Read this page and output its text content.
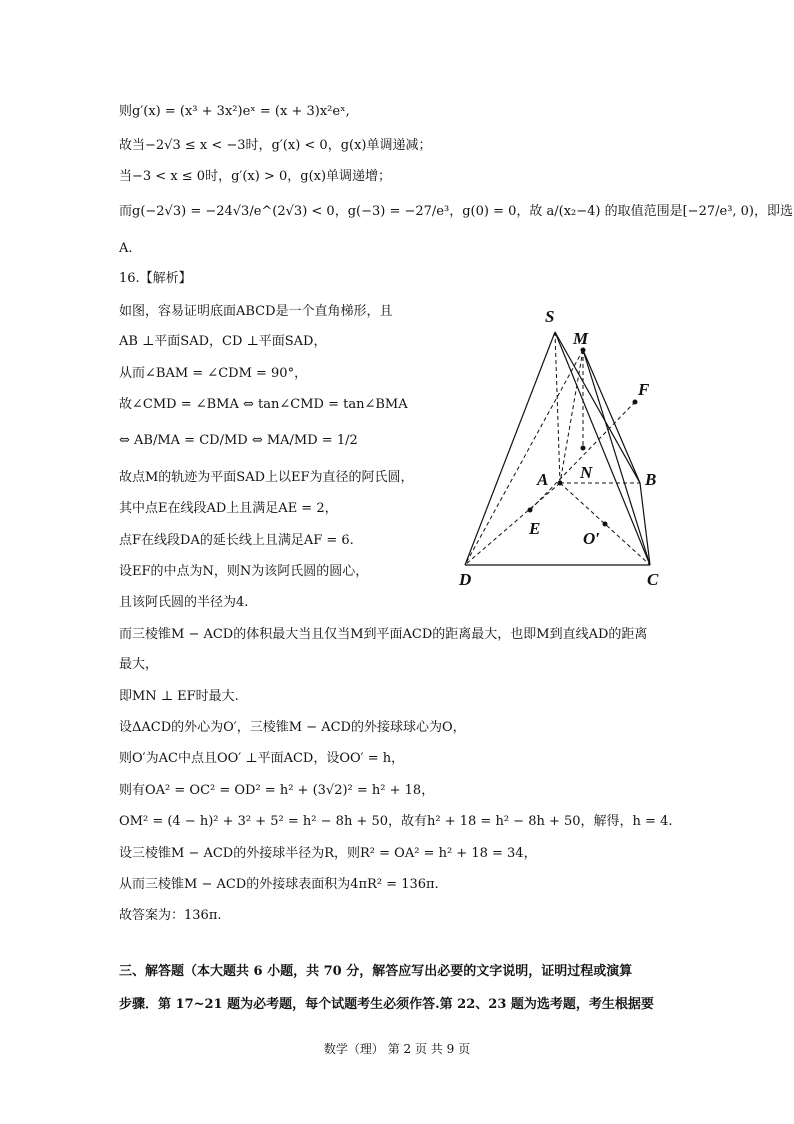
则g′(x) = (x³ + 3x²)eˣ = (x + 3)x²eˣ,
故当−2√3 ≤ x < −3时，g′(x) < 0，g(x)单调递减；
当−3 < x ≤ 0时，g′(x) > 0，g(x)单调递增；
而g(−2√3) = −24√3/e^(2√3) < 0，g(−3) = −27/e³，g(0) = 0，故 a/(x₂−4) 的取值范围是[−27/e³, 0)，即选
A.
16.【解析】
如图，容易证明底面ABCD是一个直角梯形，且
AB ⊥平面SAD，CD ⊥平面SAD，
从而∠BAM = ∠CDM = 90°，
故∠CMD = ∠BMA ⇔ tan∠CMD = tan∠BMA
⇔ AB/MA = CD/MD ⇔ MA/MD = 1/2
故点M的轨迹为平面SAD上以EF为直径的阿氏圆，
其中点E在线段AD上且满足AE = 2，
点F在线段DA的延长线上且满足AF = 6.
设EF的中点为N，则N为该阿氏圆的圆心，
且该阿氏圆的半径为4.
而三棱锥M − ACD的体积最大当且仅当M到平面ACD的距离最大，也即M到直线AD的距离
最大，
即MN ⊥ EF时最大.
设ΔACD的外心为O′，三棱锥M − ACD的外接球球心为O，
则O′为AC中点且OO′ ⊥平面ACD，设OO′ = h，
则有OA² = OC² = OD² = h² + (3√2)² = h² + 18，
OM² = (4 − h)² + 3² + 5² = h² − 8h + 50，故有h² + 18 = h² − 8h + 50，解得，h = 4.
设三棱锥M − ACD的外接球半径为R，则R² = OA² = h² + 18 = 34，
从而三棱锥M − ACD的外接球表面积为4πR² = 136π.
故答案为：136π.
三、解答题（本大题共 6 小题，共 70 分，解答应写出必要的文字说明，证明过程或演算
步骤．第 17~21 题为必考题，每个试题考生必须作答.第 22、23 题为选考题，考生根据要
S
M
F
A N	B
E
O′
D	C
数学（理） 第 2 页 共 9 页
